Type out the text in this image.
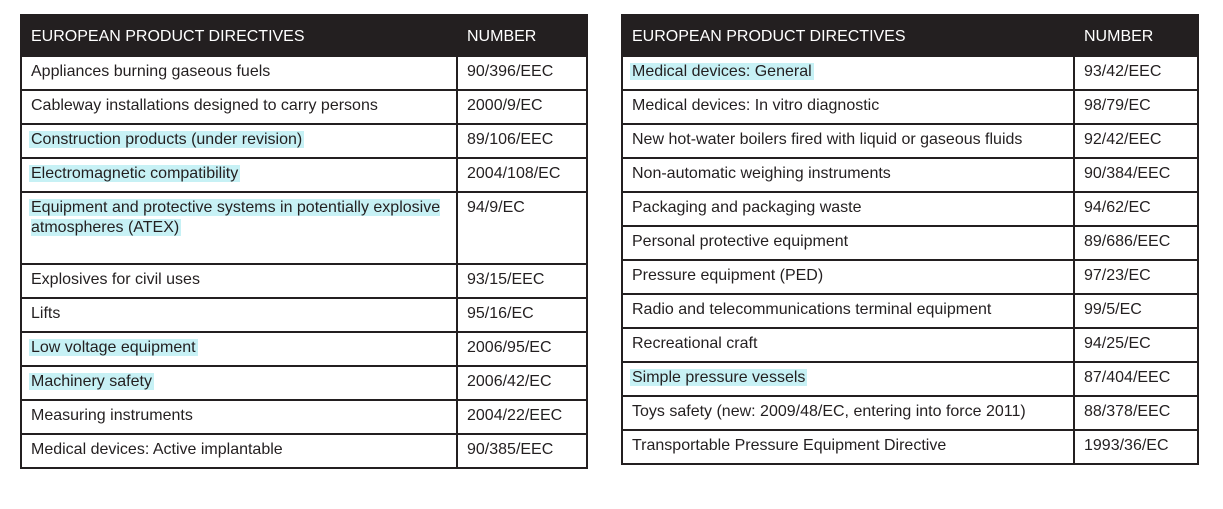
EUROPEAN PRODUCT DIRECTIVES	NUMBER
Appliances burning gaseous fuels	90/396/EEC
Cableway installations designed to carry persons	2000/9/EC
Construction products (under revision)	89/106/EEC
Electromagnetic compatibility	2004/108/EC
Equipment and protective systems in potentially explosive atmospheres (ATEX)	94/9/EC
Explosives for civil uses	93/15/EEC
Lifts	95/16/EC
Low voltage equipment	2006/95/EC
Machinery safety	2006/42/EC
Measuring instruments	2004/22/EEC
Medical devices: Active implantable	90/385/EEC
EUROPEAN PRODUCT DIRECTIVES	NUMBER
Medical devices: General	93/42/EEC
Medical devices: In vitro diagnostic	98/79/EC
New hot-water boilers fired with liquid or gaseous fluids	92/42/EEC
Non-automatic weighing instruments	90/384/EEC
Packaging and packaging waste	94/62/EC
Personal protective equipment	89/686/EEC
Pressure equipment (PED)	97/23/EC
Radio and telecommunications terminal equipment	99/5/EC
Recreational craft	94/25/EC
Simple pressure vessels	87/404/EEC
Toys safety (new: 2009/48/EC, entering into force 2011)	88/378/EEC
Transportable Pressure Equipment Directive	1993/36/EC
